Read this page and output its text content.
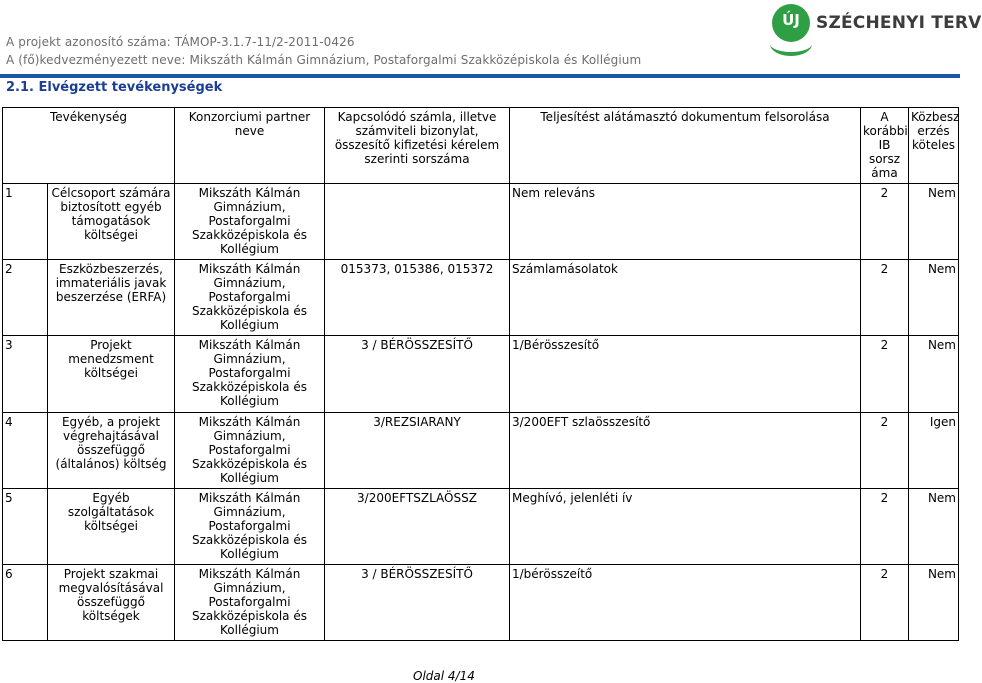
A projekt azonosító száma: TÁMOP-3.1.7-11/2-2011-0426
A (fő)kedvezményezett neve: Mikszáth Kálmán Gimnázium, Postaforgalmi Szakközépiskola és Kollégium
ÚJ SZÉCHENYI TERV
2.1. Elvégzett tevékenységek
Tevékenység		Konzorciumi partner neve	Kapcsolódó számla, illetve számviteli bizonylat, összesítő kifizetési kérelem szerinti sorszáma	Teljesítést alátámasztó dokumentum felsorolása	A korábbi IB sorsz áma	Közbesz erzés köteles
1	Célcsoport számára biztosított egyéb támogatások költségei	Mikszáth Kálmán Gimnázium, Postaforgalmi Szakközépiskola és Kollégium		Nem releváns	2	Nem
2	Eszközbeszerzés, immateriális javak beszerzése (ERFA)	Mikszáth Kálmán Gimnázium, Postaforgalmi Szakközépiskola és Kollégium	015373, 015386, 015372	Számlamásolatok	2	Nem
3	Projekt menedzsment költségei	Mikszáth Kálmán Gimnázium, Postaforgalmi Szakközépiskola és Kollégium	3 / BÉRÖSSZESÍTŐ	1/Bérösszesítő	2	Nem
4	Egyéb, a projekt végrehajtásával összefüggő (általános) költség	Mikszáth Kálmán Gimnázium, Postaforgalmi Szakközépiskola és Kollégium	3/REZSIARANY	3/200EFT szlaösszesítő	2	Igen
5	Egyéb szolgáltatások költségei	Mikszáth Kálmán Gimnázium, Postaforgalmi Szakközépiskola és Kollégium	3/200EFTSZLAÖSSZ	Meghívó, jelenléti ív	2	Nem
6	Projekt szakmai megvalósításával összefüggő költségek	Mikszáth Kálmán Gimnázium, Postaforgalmi Szakközépiskola és Kollégium	3 / BÉRÖSSZESÍTŐ	1/bérösszeítő	2	Nem
Oldal 4/14
